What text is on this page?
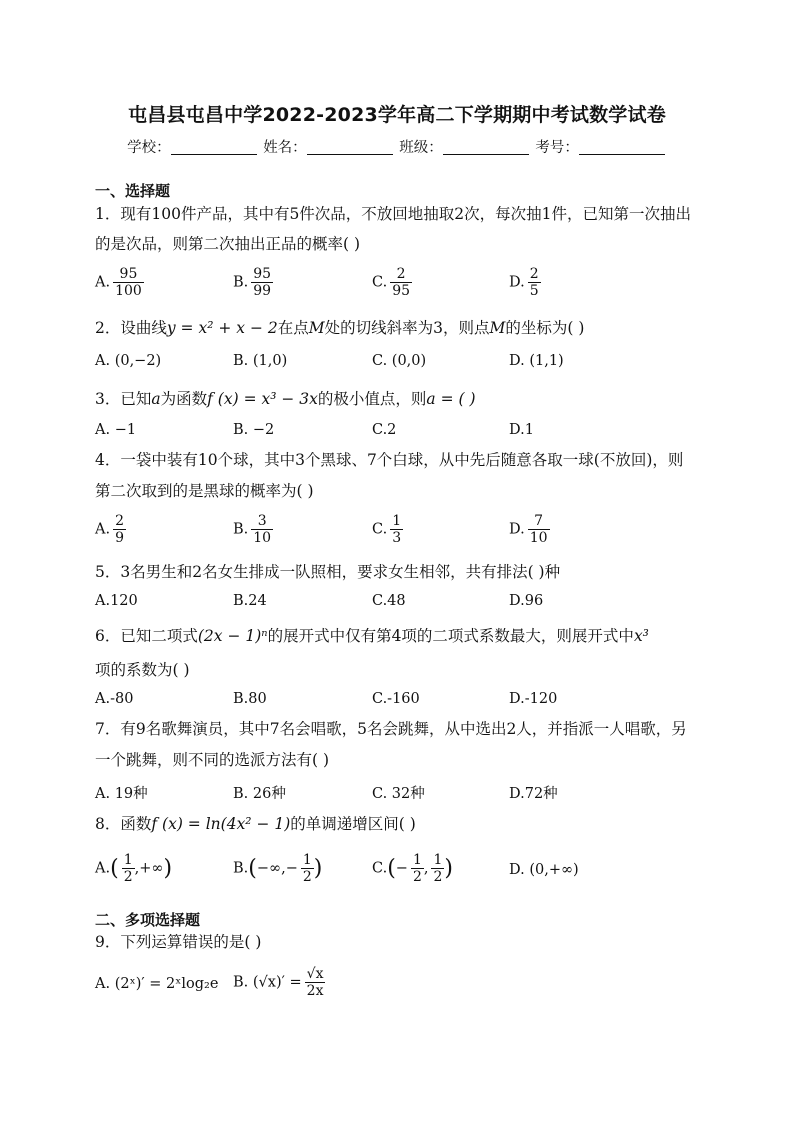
屯昌县屯昌中学2022-2023学年高二下学期期中考试数学试卷
学校：	姓名：	班级：	考号：
一、选择题
1．现有100件产品，其中有5件次品，不放回地抽取2次，每次抽1件，已知第一次抽出
的是次品，则第二次抽出正品的概率( )
A. $\frac{95}{100}$	B. $\frac{95}{99}$	C. $\frac{2}{95}$	D. $\frac{2}{5}$
2．设曲线y = x² + x − 2在点M处的切线斜率为3，则点M的坐标为( )
A. (0,−2)	B. (1,0)	C. (0,0)	D. (1,1)
3．已知a为函数f (x) = x³ − 3x的极小值点，则a = ( )
A. −1	B. −2	C.2	D.1
4．一袋中装有10个球，其中3个黑球、7个白球，从中先后随意各取一球(不放回)，则
第二次取到的是黑球的概率为( )
A. $\frac{2}{9}$	B. $\frac{3}{10}$	C. $\frac{1}{3}$	D. $\frac{7}{10}$
5．3名男生和2名女生排成一队照相，要求女生相邻，共有排法( )种
A.120	B.24	C.48	D.96
6．已知二项式(2x − 1)ⁿ的展开式中仅有第4项的二项式系数最大，则展开式中x³
项的系数为( )
A.-80	B.80	C.-160	D.-120
7．有9名歌舞演员，其中7名会唱歌，5名会跳舞，从中选出2人，并指派一人唱歌，另
一个跳舞，则不同的选派方法有( )
A. 19种	B. 26种	C. 32种	D.72种
8．函数f (x) = ln(4x² − 1)的单调递增区间( )
$A.( \frac{1}{2}$ ,+∞)	$B.(-\infty,- \frac{1}{2}$ )	$C.(- \frac{1}{2}$ , $\frac{1}{2}$ )	D. (0,+∞)
二、多项选择题
9．下列运算错误的是( )
A. (2ˣ)′ = 2ˣlog₂e B. $(√x)' = \frac{√x}{2x}$
